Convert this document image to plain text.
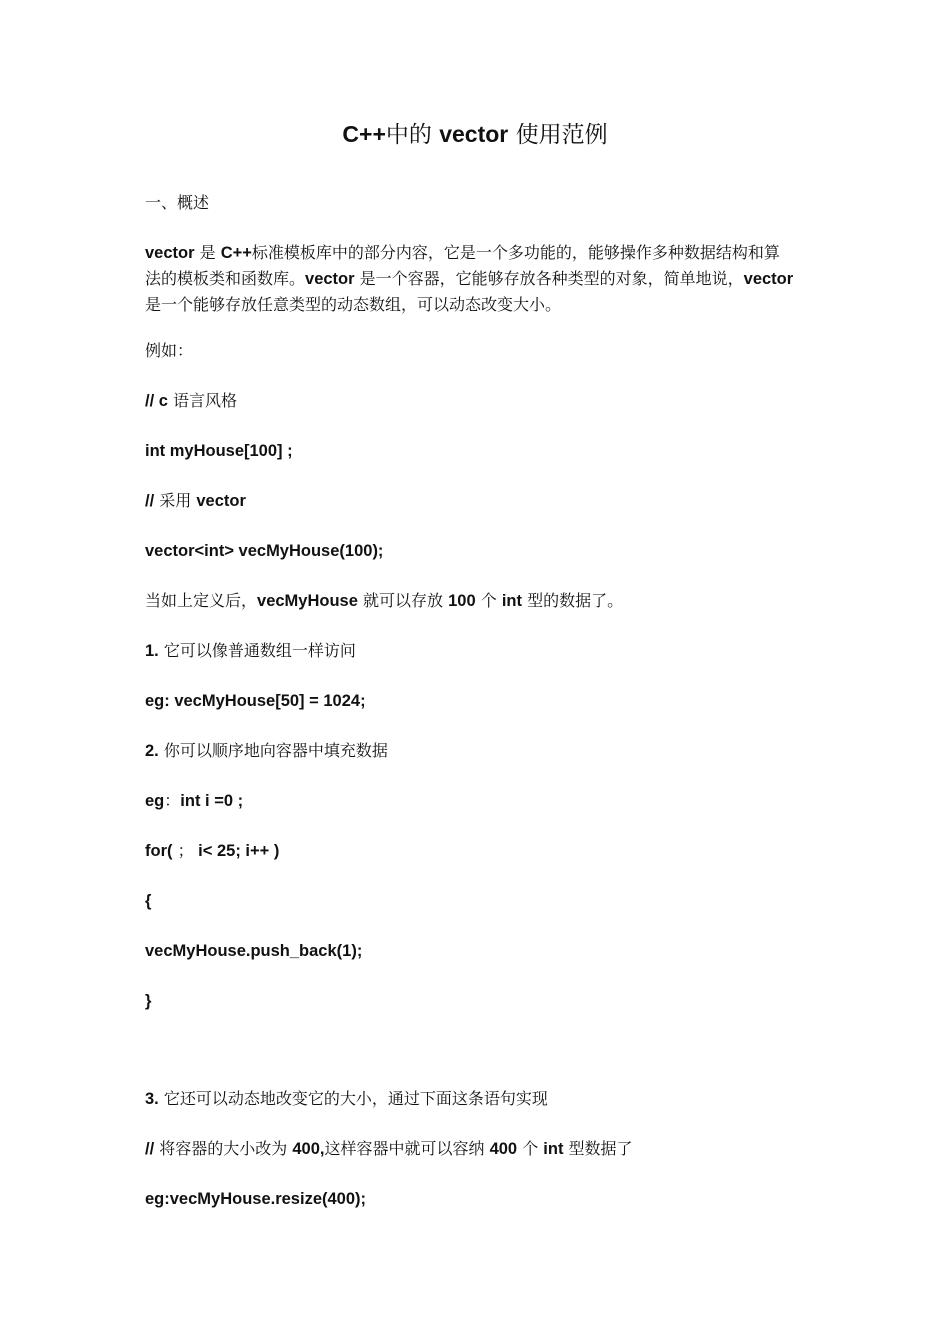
C++中的 vector 使用范例
一、概述
vector 是 C++标准模板库中的部分内容，它是一个多功能的，能够操作多种数据结构和算
法的模板类和函数库。vector 是一个容器，它能够存放各种类型的对象，简单地说，vector
是一个能够存放任意类型的动态数组，可以动态改变大小。
例如：
// c 语言风格
int myHouse[100] ;
// 采用 vector
vector<int> vecMyHouse(100);
当如上定义后，vecMyHouse 就可以存放 100 个 int 型的数据了。
1. 它可以像普通数组一样访问
eg: vecMyHouse[50] = 1024;
2. 你可以顺序地向容器中填充数据
eg：int i =0 ;
for( ； i< 25; i++ )
{
vecMyHouse.push_back(1);
}
3. 它还可以动态地改变它的大小，通过下面这条语句实现
// 将容器的大小改为 400,这样容器中就可以容纳 400 个 int 型数据了
eg:vecMyHouse.resize(400);
